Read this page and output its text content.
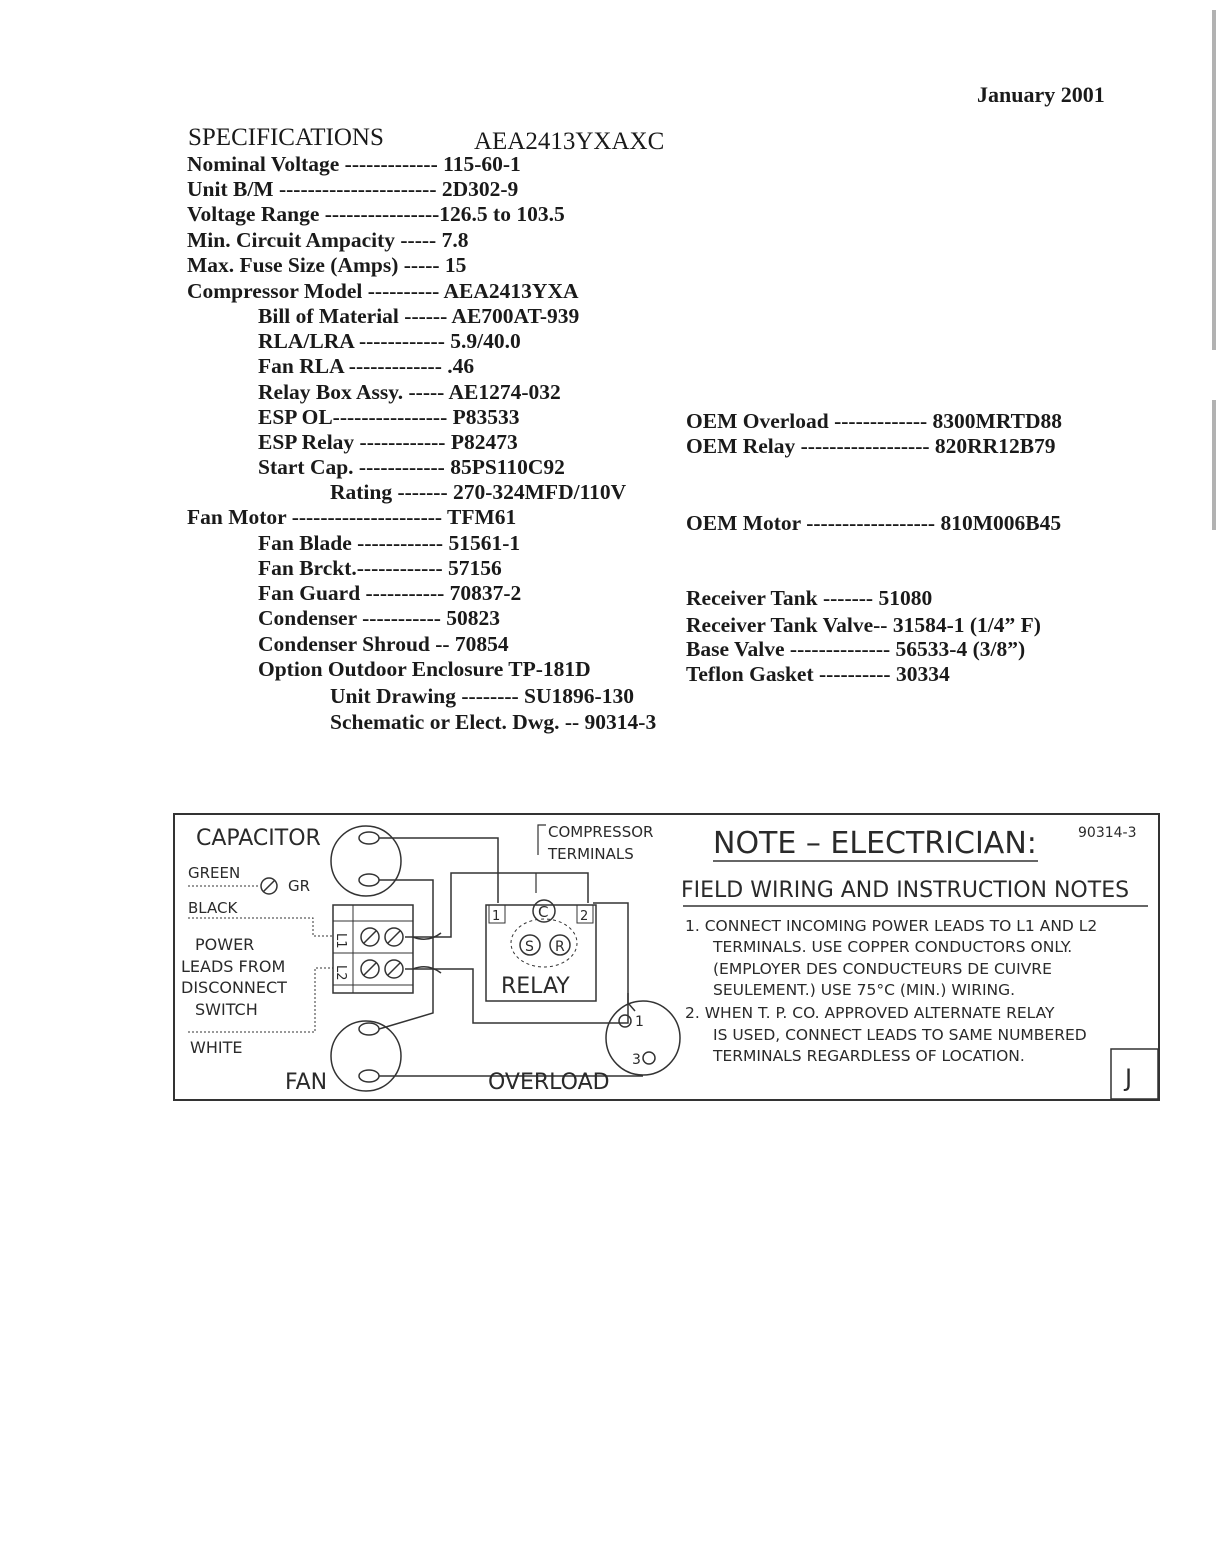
January 2001
SPECIFICATIONS	AEA2413YXAXC
Nominal Voltage ------------- 115-60-1
Unit B/M ---------------------- 2D302-9
Voltage Range ----------------126.5 to 103.5
Min. Circuit Ampacity ----- 7.8
Max. Fuse Size (Amps) ----- 15
Compressor Model ---------- AEA2413YXA
Bill of Material ------ AE700AT-939
RLA/LRA ------------ 5.9/40.0
Fan RLA ------------- .46
Relay Box Assy. ----- AE1274-032
ESP OL---------------- P83533
ESP Relay ------------ P82473
Start Cap. ------------ 85PS110C92
Rating ------- 270-324MFD/110V
Fan Motor --------------------- TFM61
Fan Blade ------------ 51561-1
Fan Brckt.------------ 57156
Fan Guard ----------- 70837-2
Condenser ----------- 50823
Condenser Shroud -- 70854
Option Outdoor Enclosure TP-181D
Unit Drawing -------- SU1896-130
Schematic or Elect. Dwg. -- 90314-3
OEM Overload ------------- 8300MRTD88
OEM Relay ------------------ 820RR12B79
OEM Motor ------------------ 810M006B45
Receiver Tank ------- 51080
Receiver Tank Valve-- 31584-1 (1/4” F)
Base Valve -------------- 56533-4 (3/8”)
Teflon Gasket ---------- 30334
CAPACITOR
GREEN
GR
BLACK
POWER
LEADS FROM
DISCONNECT
SWITCH
WHITE
L1
L2
FAN
COMPRESSOR
TERMINALS
1	2
C
S R
RELAY
1
3
OVERLOAD
NOTE – ELECTRICIAN:	90314-3
FIELD WIRING AND INSTRUCTION NOTES
1. CONNECT INCOMING POWER LEADS TO L1 AND L2
TERMINALS. USE COPPER CONDUCTORS ONLY.
(EMPLOYER DES CONDUCTEURS DE CUIVRE
SEULEMENT.) USE 75°C (MIN.) WIRING.
2. WHEN T. P. CO. APPROVED ALTERNATE RELAY
IS USED, CONNECT LEADS TO SAME NUMBERED
TERMINALS REGARDLESS OF LOCATION.
J
